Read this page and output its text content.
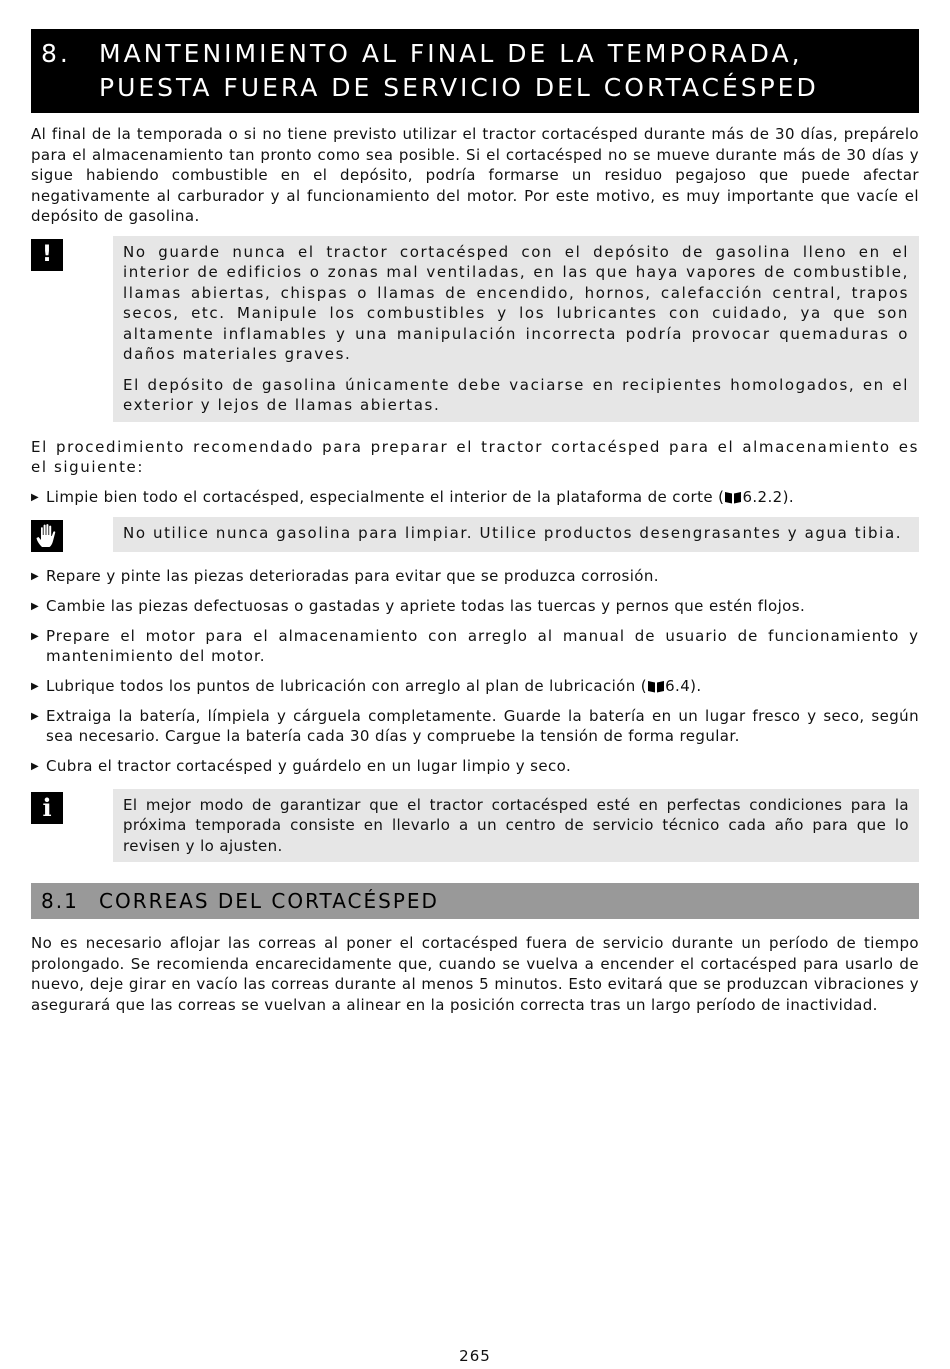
8.	MANTENIMIENTO AL FINAL DE LA TEMPORADA,
PUESTA FUERA DE SERVICIO DEL CORTACÉSPED

Al final de la temporada o si no tiene previsto utilizar el tractor cortacésped durante más de 30 días, prepárelo para el almacenamiento tan pronto como sea posible. Si el cortacésped no se mueve durante más de 30 días y sigue habiendo combustible en el depósito, podría formarse un residuo pegajoso que puede afectar negativamente al carburador y al funcionamiento del motor. Por este motivo, es muy importante que vacíe el depósito de gasolina.

!	No guarde nunca el tractor cortacésped con el depósito de gasolina lleno en el interior de edificios o zonas mal ventiladas, en las que haya vapores de combustible, llamas abiertas, chispas o llamas de encendido, hornos, calefacción central, trapos secos, etc. Manipule los combustibles y los lubricantes con cuidado, ya que son altamente inflamables y una manipulación incorrecta podría provocar quemaduras o daños materiales graves.

El depósito de gasolina únicamente debe vaciarse en recipientes homologados, en el exterior y lejos de llamas abiertas.

El procedimiento recomendado para preparar el tractor cortacésped para el almacenamiento es el siguiente:

▶ Limpie bien todo el cortacésped, especialmente el interior de la plataforma de corte ( 6.2.2).

No utilice nunca gasolina para limpiar. Utilice productos desengrasantes y agua tibia.

▶ Repare y pinte las piezas deterioradas para evitar que se produzca corrosión.
▶ Cambie las piezas defectuosas o gastadas y apriete todas las tuercas y pernos que estén flojos.
▶ Prepare el motor para el almacenamiento con arreglo al manual de usuario de funcionamiento y mantenimiento del motor.
▶ Lubrique todos los puntos de lubricación con arreglo al plan de lubricación ( 6.4).
▶ Extraiga la batería, límpiela y cárguela completamente. Guarde la batería en un lugar fresco y seco, según sea necesario. Cargue la batería cada 30 días y compruebe la tensión de forma regular.
▶ Cubra el tractor cortacésped y guárdelo en un lugar limpio y seco.
i	El mejor modo de garantizar que el tractor cortacésped esté en perfectas condiciones para la próxima temporada consiste en llevarlo a un centro de servicio técnico cada año para que lo revisen y lo ajusten.

8.1	CORREAS DEL CORTACÉSPED

No es necesario aflojar las correas al poner el cortacésped fuera de servicio durante un período de tiempo prolongado. Se recomienda encarecidamente que, cuando se vuelva a encender el cortacésped para usarlo de nuevo, deje girar en vacío las correas durante al menos 5 minutos. Esto evitará que se produzcan vibraciones y asegurará que las correas se vuelvan a alinear en la posición correcta tras un largo período de inactividad.

265
